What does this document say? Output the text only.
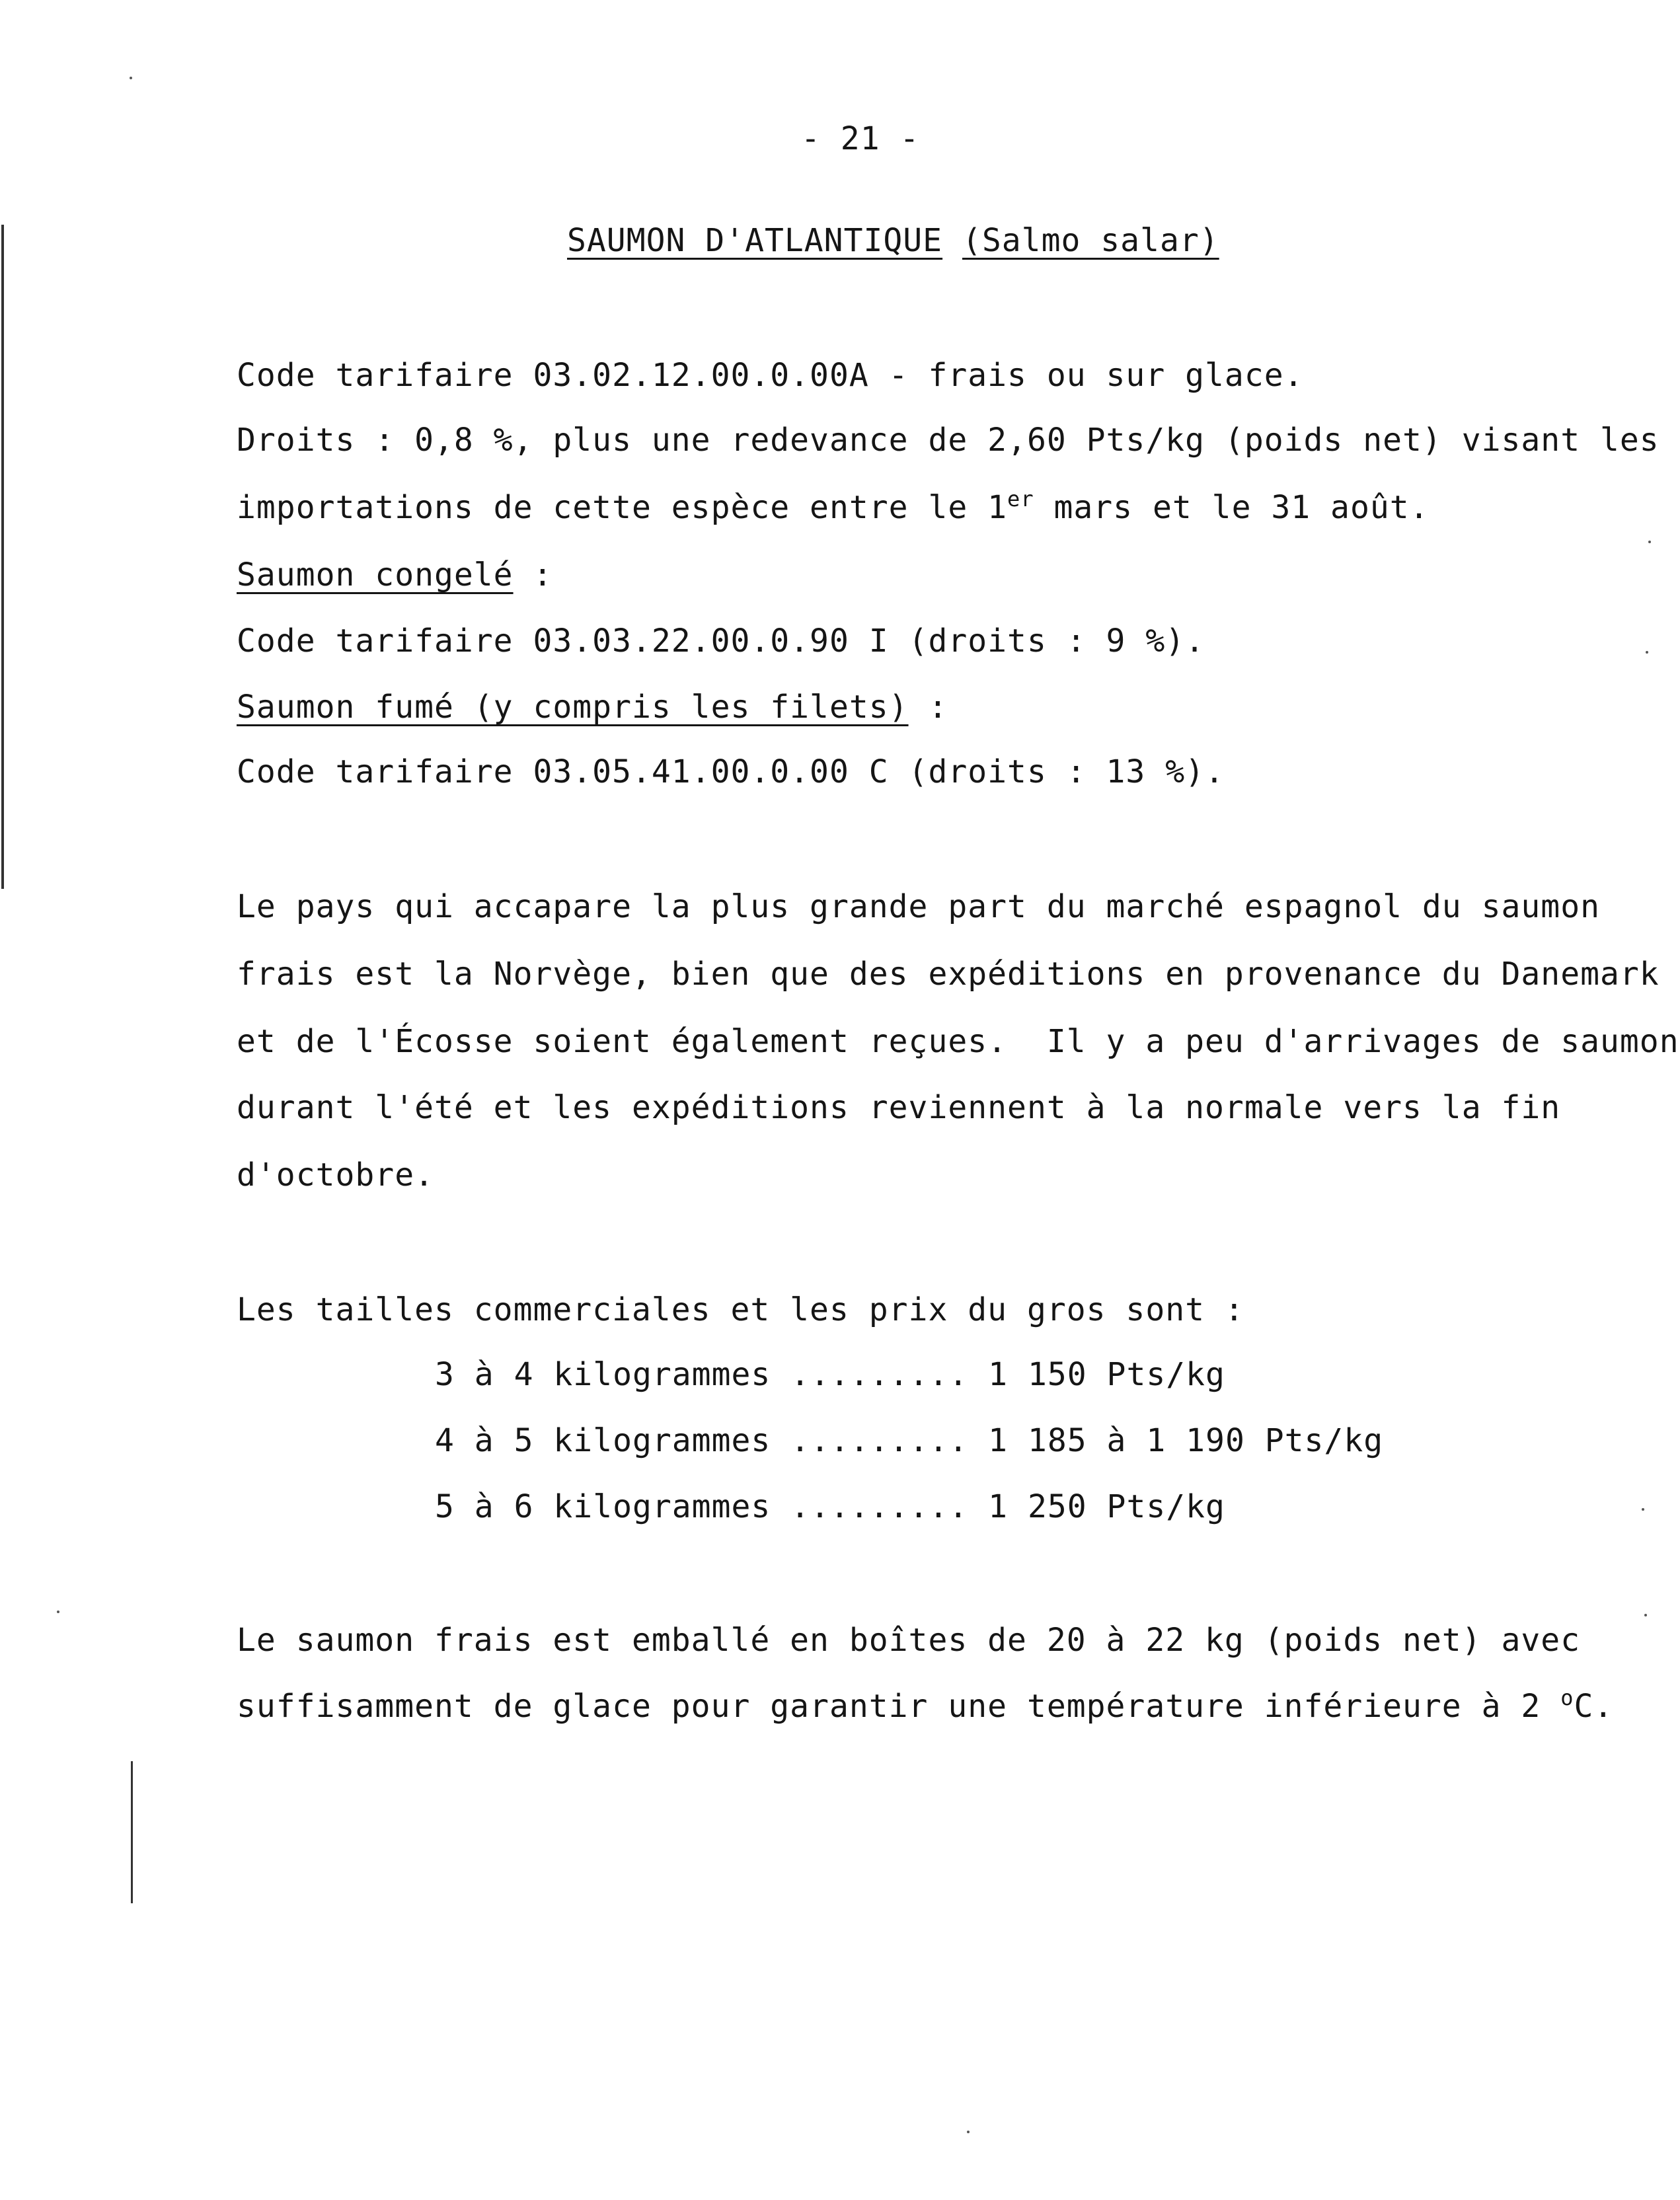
- 21 -
SAUMON D'ATLANTIQUE (Salmo salar)
Code tarifaire 03.02.12.00.0.00A - frais ou sur glace.
Droits : 0,8 %, plus une redevance de 2,60 Pts/kg (poids net) visant les
importations de cette espèce entre le 1er mars et le 31 août.
Saumon congelé :
Code tarifaire 03.03.22.00.0.90 I (droits : 9 %).
Saumon fumé (y compris les filets) :
Code tarifaire 03.05.41.00.0.00 C (droits : 13 %).
Le pays qui accapare la plus grande part du marché espagnol du saumon
frais est la Norvège, bien que des expéditions en provenance du Danemark
et de l'Écosse soient également reçues.  Il y a peu d'arrivages de saumon
durant l'été et les expéditions reviennent à la normale vers la fin
d'octobre.
Les tailles commerciales et les prix du gros sont :
3 à 4 kilogrammes ......... 1 150 Pts/kg
4 à 5 kilogrammes ......... 1 185 à 1 190 Pts/kg
5 à 6 kilogrammes ......... 1 250 Pts/kg
Le saumon frais est emballé en boîtes de 20 à 22 kg (poids net) avec
suffisamment de glace pour garantir une température inférieure à 2 $^o$C.
